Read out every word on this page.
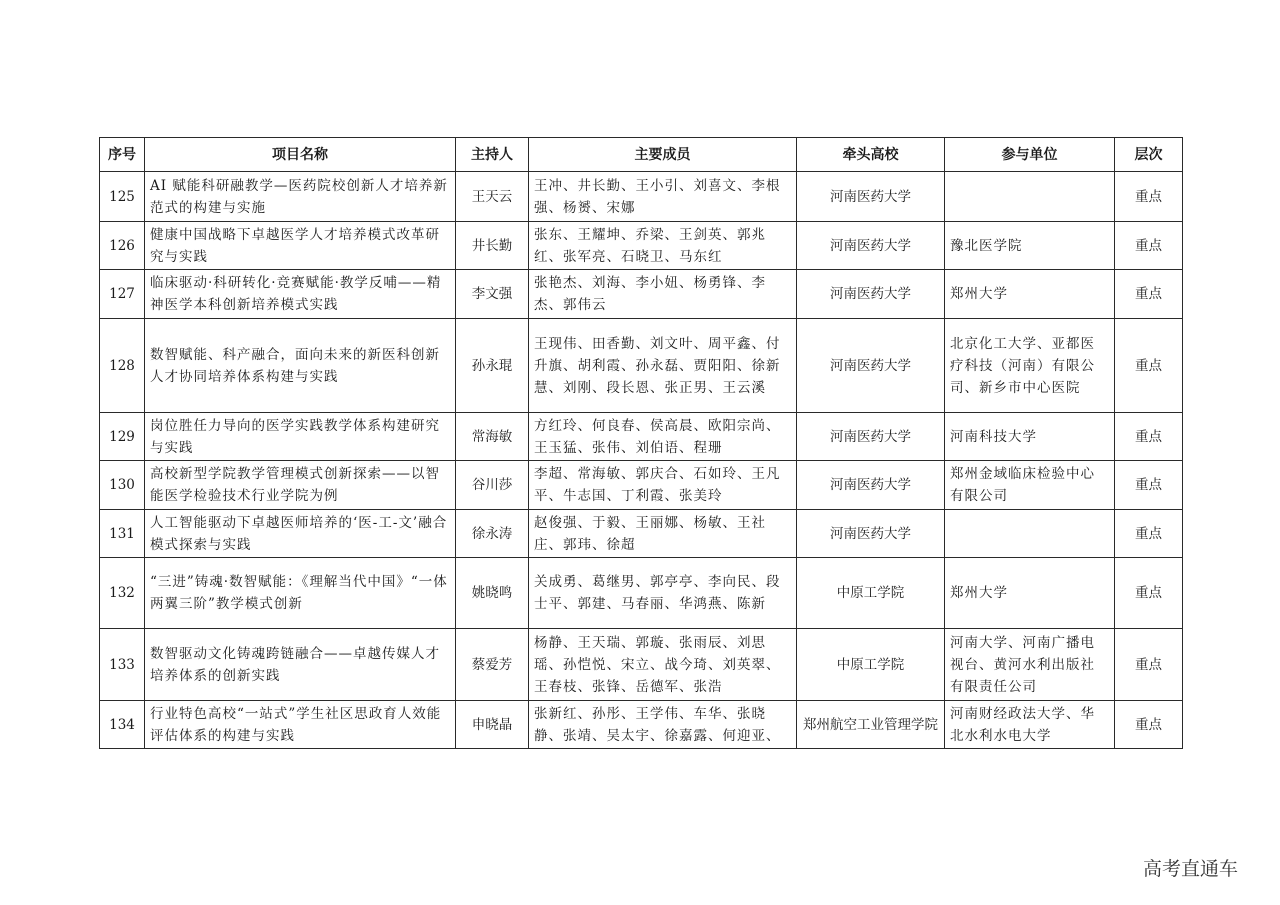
序号	项目名称	主持人	主要成员	牵头高校	参与单位	层次
125	AI 赋能科研融教学—医药院校创新人才培养新范式的构建与实施	王天云	王冲、井长勤、王小引、刘喜文、李根强、杨赟、宋娜	河南医药大学		重点
126	健康中国战略下卓越医学人才培养模式改革研究与实践	井长勤	张东、王耀坤、乔梁、王剑英、郭兆红、张军亮、石晓卫、马东红	河南医药大学	豫北医学院	重点
127	临床驱动·科研转化·竞赛赋能·教学反哺——精神医学本科创新培养模式实践	李文强	张艳杰、刘海、李小妞、杨勇锋、李杰、郭伟云	河南医药大学	郑州大学	重点
128	数智赋能、科产融合，面向未来的新医科创新人才协同培养体系构建与实践	孙永琨	王现伟、田香勤、刘文叶、周平鑫、付升旗、胡利霞、孙永磊、贾阳阳、徐新慧、刘刚、段长恩、张正男、王云溪	河南医药大学	北京化工大学、亚都医疗科技（河南）有限公司、新乡市中心医院	重点
129	岗位胜任力导向的医学实践教学体系构建研究与实践	常海敏	方红玲、何良春、侯高晨、欧阳宗尚、王玉猛、张伟、刘伯语、程珊	河南医药大学	河南科技大学	重点
130	高校新型学院教学管理模式创新探索——以智能医学检验技术行业学院为例	谷川莎	李超、常海敏、郭庆合、石如玲、王凡平、牛志国、丁利霞、张美玲	河南医药大学	郑州金域临床检验中心有限公司	重点
131	人工智能驱动下卓越医师培养的‘医-工-文’融合模式探索与实践	徐永涛	赵俊强、于毅、王丽娜、杨敏、王社庄、郭玮、徐超	河南医药大学		重点
132	“三进”铸魂·数智赋能：《理解当代中国》“一体两翼三阶”教学模式创新	姚晓鸣	关成勇、葛继男、郭亭亭、李向民、段士平、郭建、马春丽、华鸿燕、陈新	中原工学院	郑州大学	重点
133	数智驱动文化铸魂跨链融合——卓越传媒人才培养体系的创新实践	蔡爱芳	杨静、王天瑞、郭璇、张雨辰、刘思瑶、孙恺悦、宋立、战今琦、刘英翠、王春枝、张锋、岳德军、张浩	中原工学院	河南大学、河南广播电视台、黄河水利出版社有限责任公司	重点
134	行业特色高校“一站式”学生社区思政育人效能评估体系的构建与实践	申晓晶	张新红、孙彤、王学伟、车华、张晓静、张靖、吴太宇、徐嘉露、何迎亚、	郑州航空工业管理学院	河南财经政法大学、华北水利水电大学	重点
高考直通车
